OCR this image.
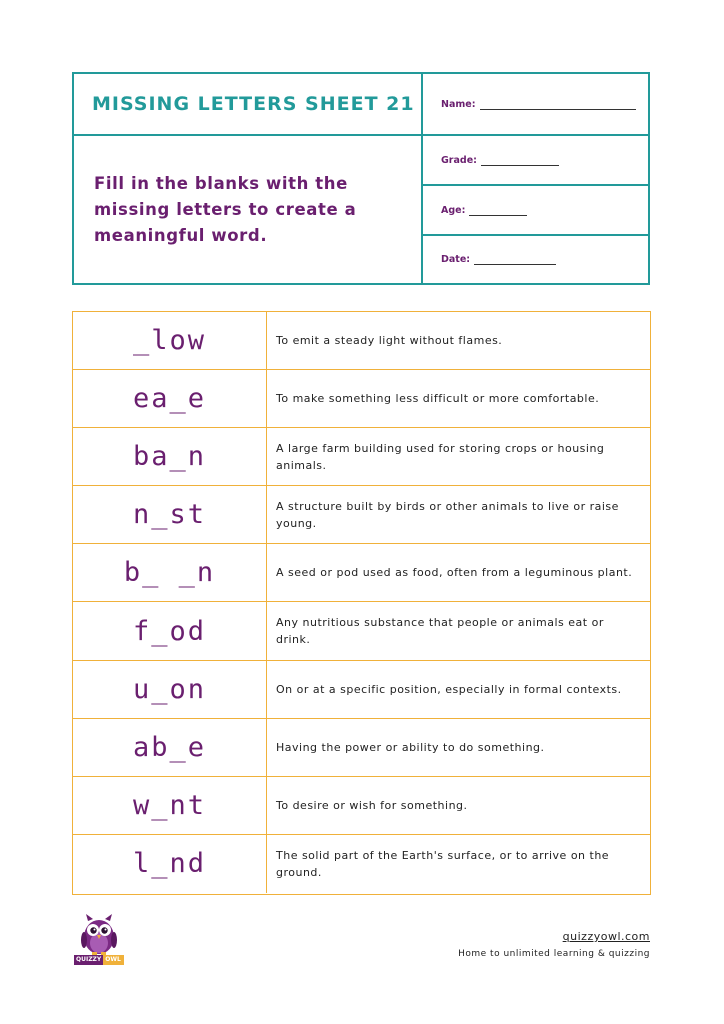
MISSING LETTERS SHEET 21	Name:
Fill in the blanks with the missing letters to create a meaningful word.
Grade:
Age:
Date:
_low	To emit a steady light without flames.
ea_e	To make something less difficult or more comfortable.
ba_n	A large farm building used for storing crops or housing animals.
n_st	A structure built by birds or other animals to live or raise young.
b_ _n	A seed or pod used as food, often from a leguminous plant.
f_od	Any nutritious substance that people or animals eat or drink.
u_on	On or at a specific position, especially in formal contexts.
ab_e	Having the power or ability to do something.
w_nt	To desire or wish for something.
l_nd	The solid part of the Earth's surface, or to arrive on the ground.
QUIZZY OWL
quizzyowl.com
Home to unlimited learning & quizzing
